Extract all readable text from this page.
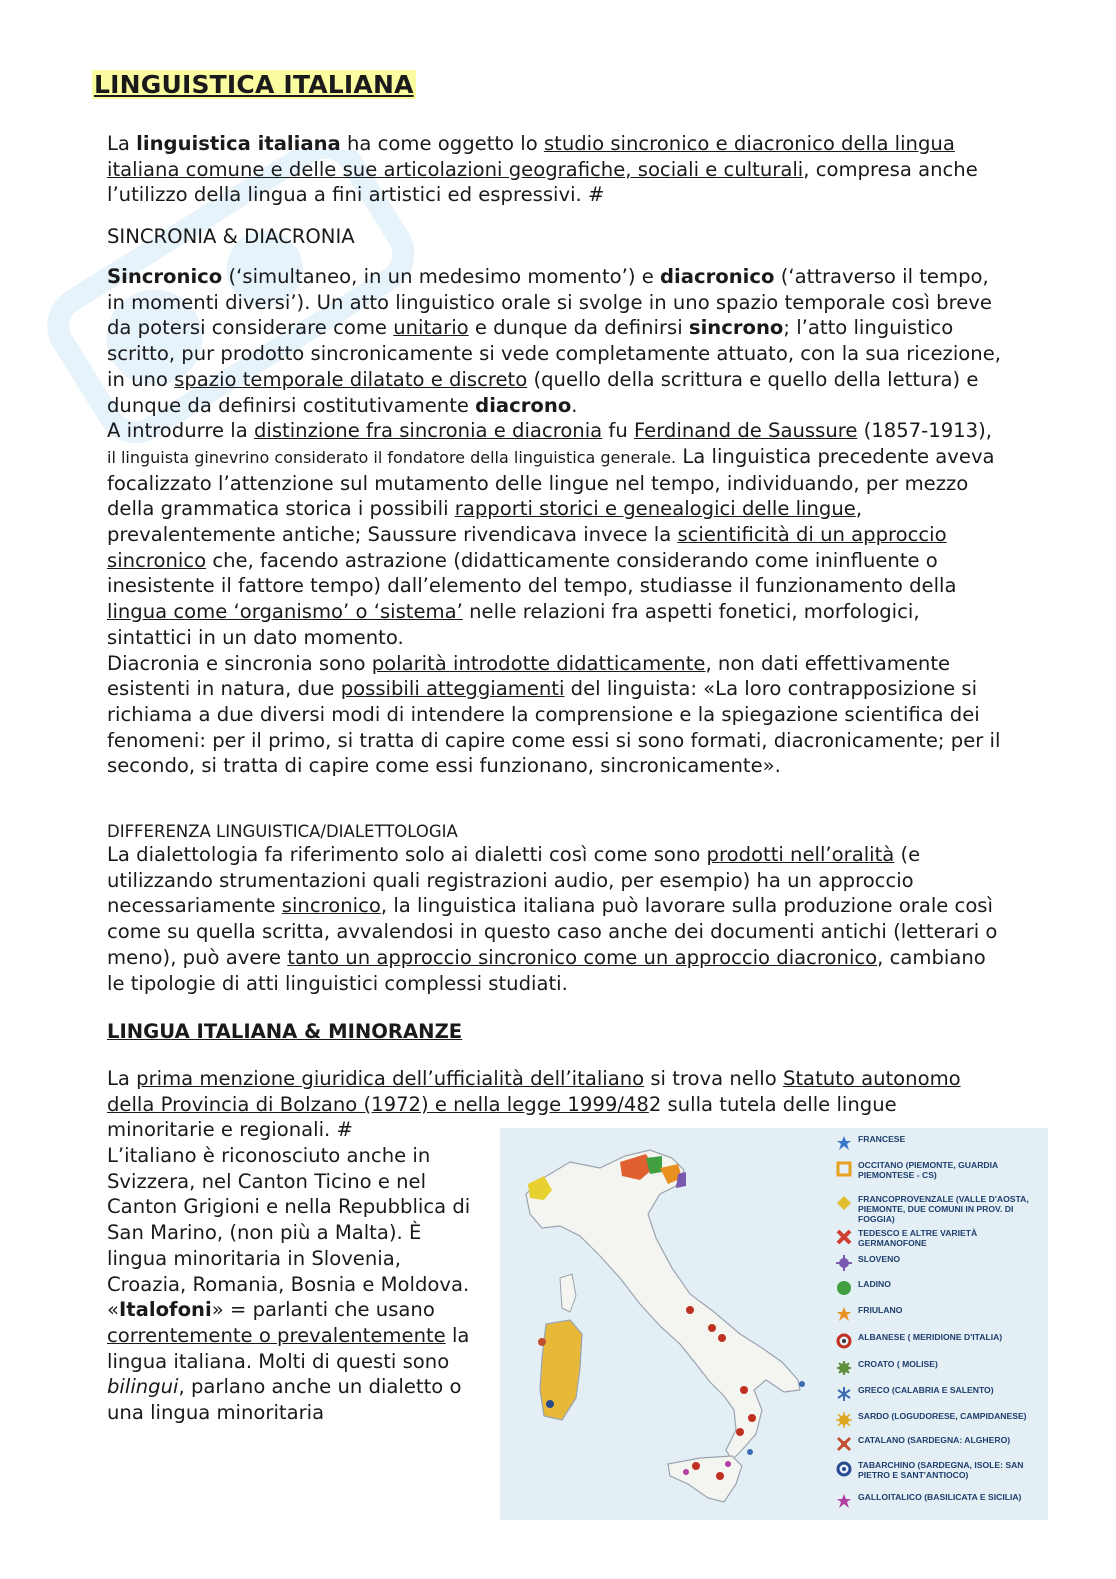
LINGUISTICA ITALIANA

La linguistica italiana ha come oggetto lo studio sincronico e diacronico della lingua italiana comune e delle sue articolazioni geografiche, sociali e culturali, compresa anche l’utilizzo della lingua a fini artistici ed espressivi. #

SINCRONIA & DIACRONIA

Sincronico (‘simultaneo, in un medesimo momento’) e diacronico (‘attraverso il tempo, in momenti diversi’). Un atto linguistico orale si svolge in uno spazio temporale così breve da potersi considerare come unitario e dunque da definirsi sincrono; l’atto linguistico scritto, pur prodotto sincronicamente si vede completamente attuato, con la sua ricezione, in uno spazio temporale dilatato e discreto (quello della scrittura e quello della lettura) e dunque da definirsi costitutivamente diacrono.

A introdurre la distinzione fra sincronia e diacronia fu Ferdinand de Saussure (1857-1913), il linguista ginevrino considerato il fondatore della linguistica generale. La linguistica precedente aveva focalizzato l’attenzione sul mutamento delle lingue nel tempo, individuando, per mezzo della grammatica storica i possibili rapporti storici e genealogici delle lingue, prevalentemente antiche; Saussure rivendicava invece la scientificità di un approccio sincronico che, facendo astrazione (didatticamente considerando come ininfluente o inesistente il fattore tempo) dall’elemento del tempo, studiasse il funzionamento della lingua come ‘organismo’ o ‘sistema’ nelle relazioni fra aspetti fonetici, morfologici, sintattici in un dato momento.

Diacronia e sincronia sono polarità introdotte didatticamente, non dati effettivamente esistenti in natura, due possibili atteggiamenti del linguista: «La loro contrapposizione si richiama a due diversi modi di intendere la comprensione e la spiegazione scientifica dei fenomeni: per il primo, si tratta di capire come essi si sono formati, diacronicamente; per il secondo, si tratta di capire come essi funzionano, sincronicamente».

DIFFERENZA LINGUISTICA/DIALETTOLOGIA

La dialettologia fa riferimento solo ai dialetti così come sono prodotti nell’oralità (e utilizzando strumentazioni quali registrazioni audio, per esempio) ha un approccio necessariamente sincronico, la linguistica italiana può lavorare sulla produzione orale così come su quella scritta, avvalendosi in questo caso anche dei documenti antichi (letterari o meno), può avere tanto un approccio sincronico come un approccio diacronico, cambiano le tipologie di atti linguistici complessi studiati.

LINGUA ITALIANA & MINORANZE

La prima menzione giuridica dell’ufficialità dell’italiano si trova nello Statuto autonomo della Provincia di Bolzano (1972) e nella legge 1999/482 sulla tutela delle lingue minoritarie e regionali. #

L’italiano è riconosciuto anche in Svizzera, nel Canton Ticino e nel Canton Grigioni e nella Repubblica di San Marino, (non più a Malta). È lingua minoritaria in Slovenia, Croazia, Romania, Bosnia e Moldova.

«Italofoni» = parlanti che usano correntemente o prevalentemente la lingua italiana. Molti di questi sono bilingui, parlano anche un dialetto o una lingua minoritaria

FRANCESE
OCCITANO (PIEMONTE, GUARDIA PIEMONTESE - CS)
FRANCOPROVENZALE (VALLE D'AOSTA, PIEMONTE, DUE COMUNI IN PROV. DI FOGGIA)
TEDESCO E ALTRE VARIETÀ GERMANOFONE
SLOVENO
LADINO
FRIULANO
ALBANESE ( MERIDIONE D'ITALIA)
CROATO ( MOLISE)
GRECO (CALABRIA E SALENTO)
SARDO (LOGUDORESE, CAMPIDANESE)
CATALANO (SARDEGNA: ALGHERO)
TABARCHINO (SARDEGNA, ISOLE: SAN PIETRO E SANT'ANTIOCO)
GALLOITALICO (BASILICATA E SICILIA)
